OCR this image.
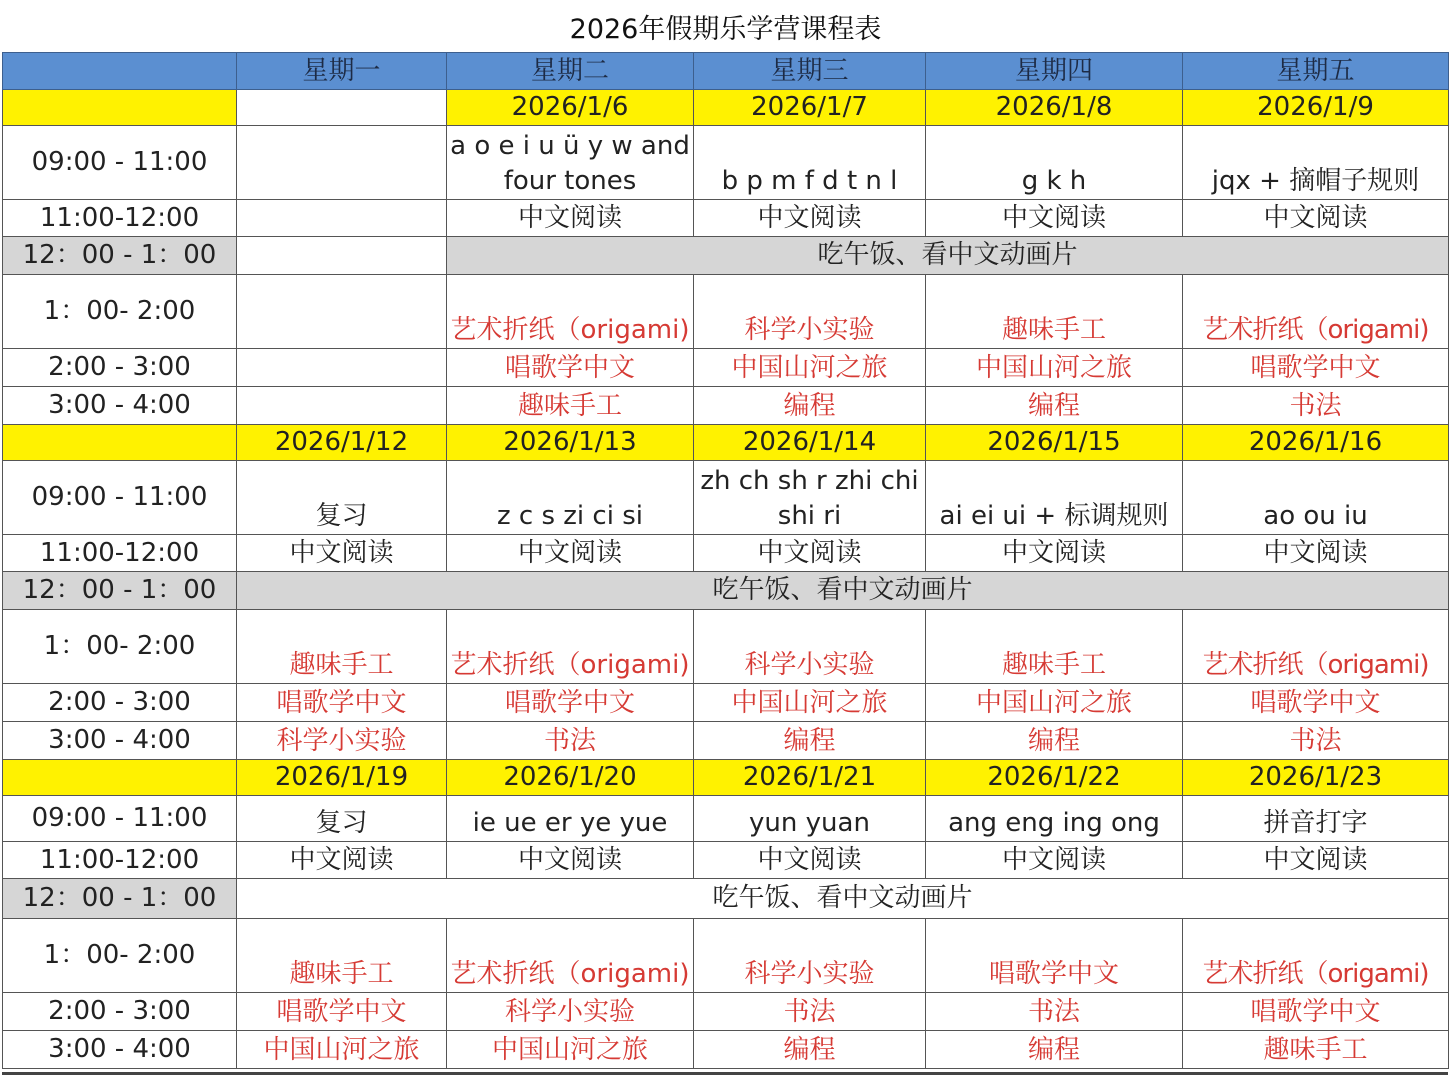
2026年假期乐学营课程表
	星期一	星期二	星期三	星期四	星期五
		2026/1/6	2026/1/7	2026/1/8	2026/1/9
09:00 - 11:00		a o e i u ü y w and four tones	b p m f d t n l	g k h	jqx + 摘帽子规则
11:00-12:00		中文阅读	中文阅读	中文阅读	中文阅读
12：00 - 1：00		吃午饭、看中文动画片			
1：00- 2:00		艺术折纸（origami)	科学小实验	趣味手工	艺术折纸（origami)
2:00 - 3:00		唱歌学中文	中国山河之旅	中国山河之旅	唱歌学中文
3:00 - 4:00		趣味手工	编程	编程	书法
	2026/1/12	2026/1/13	2026/1/14	2026/1/15	2026/1/16
09:00 - 11:00	复习	z c s zi ci si	zh ch sh r zhi chi shi ri	ai ei ui + 标调规则	ao ou iu
11:00-12:00	中文阅读	中文阅读	中文阅读	中文阅读	中文阅读
12：00 - 1：00	吃午饭、看中文动画片				
1：00- 2:00	趣味手工	艺术折纸（origami)	科学小实验	趣味手工	艺术折纸（origami)
2:00 - 3:00	唱歌学中文	唱歌学中文	中国山河之旅	中国山河之旅	唱歌学中文
3:00 - 4:00	科学小实验	书法	编程	编程	书法
	2026/1/19	2026/1/20	2026/1/21	2026/1/22	2026/1/23
09:00 - 11:00	复习	ie ue er ye yue	yun yuan	ang eng ing ong	拼音打字
11:00-12:00	中文阅读	中文阅读	中文阅读	中文阅读	中文阅读
12：00 - 1：00	吃午饭、看中文动画片				
1：00- 2:00	趣味手工	艺术折纸（origami)	科学小实验	唱歌学中文	艺术折纸（origami)
2:00 - 3:00	唱歌学中文	科学小实验	书法	书法	唱歌学中文
3:00 - 4:00	中国山河之旅	中国山河之旅	编程	编程	趣味手工
